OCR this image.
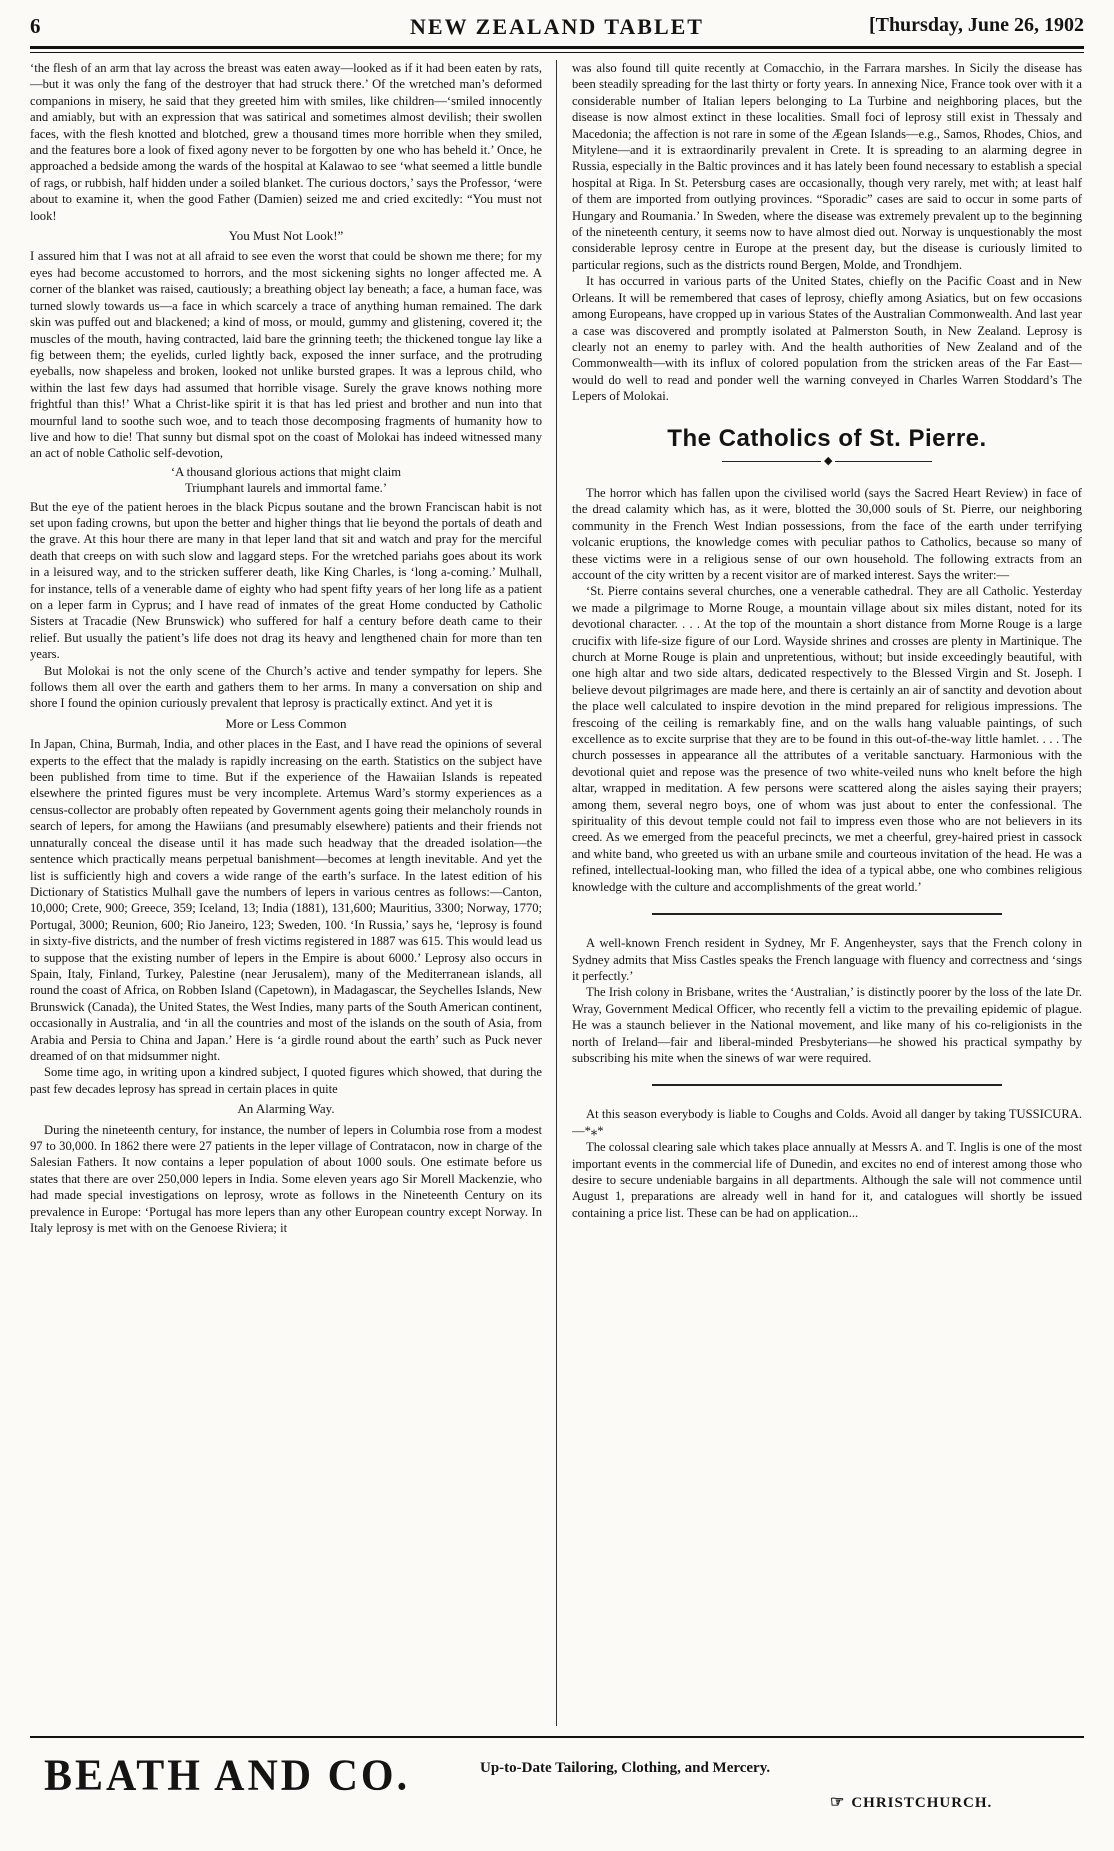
6	NEW ZEALAND TABLET	[Thursday, June 26, 1902

‘the flesh of an arm that lay across the breast was eaten away—looked as if it had been eaten by rats,—but it was only the fang of the destroyer that had struck there.’ Of the wretched man’s deformed companions in misery, he said that they greeted him with smiles, like children—‘smiled innocently and amiably, but with an expression that was satirical and sometimes almost devilish; their swollen faces, with the flesh knotted and blotched, grew a thousand times more horrible when they smiled, and the features bore a look of fixed agony never to be forgotten by one who has beheld it.’ Once, he approached a bedside among the wards of the hospital at Kalawao to see ‘what seemed a little bundle of rags, or rubbish, half hidden under a soiled blanket. The curious doctors,’ says the Professor, ‘were about to examine it, when the good Father (Damien) seized me and cried excitedly: “You must not look!

You Must Not Look!”

I assured him that I was not at all afraid to see even the worst that could be shown me there; for my eyes had become accustomed to horrors, and the most sickening sights no longer affected me. A corner of the blanket was raised, cautiously; a breathing object lay beneath; a face, a human face, was turned slowly towards us—a face in which scarcely a trace of anything human remained. The dark skin was puffed out and blackened; a kind of moss, or mould, gummy and glistening, covered it; the muscles of the mouth, having contracted, laid bare the grinning teeth; the thickened tongue lay like a fig between them; the eyelids, curled lightly back, exposed the inner surface, and the protruding eyeballs, now shapeless and broken, looked not unlike bursted grapes. It was a leprous child, who within the last few days had assumed that horrible visage. Surely the grave knows nothing more frightful than this!’ What a Christ-like spirit it is that has led priest and brother and nun into that mournful land to soothe such woe, and to teach those decomposing fragments of humanity how to live and how to die! That sunny but dismal spot on the coast of Molokai has indeed witnessed many an act of noble Catholic self-devotion,

‘A thousand glorious actions that might claim
Triumphant laurels and immortal fame.’

But the eye of the patient heroes in the black Picpus soutane and the brown Franciscan habit is not set upon fading crowns, but upon the better and higher things that lie beyond the portals of death and the grave. At this hour there are many in that leper land that sit and watch and pray for the merciful death that creeps on with such slow and laggard steps. For the wretched pariahs goes about its work in a leisured way, and to the stricken sufferer death, like King Charles, is ‘long a-coming.’ Mulhall, for instance, tells of a venerable dame of eighty who had spent fifty years of her long life as a patient on a leper farm in Cyprus; and I have read of inmates of the great Home conducted by Catholic Sisters at Tracadie (New Brunswick) who suffered for half a century before death came to their relief. But usually the patient’s life does not drag its heavy and lengthened chain for more than ten years.

But Molokai is not the only scene of the Church’s active and tender sympathy for lepers. She follows them all over the earth and gathers them to her arms. In many a conversation on ship and shore I found the opinion curiously prevalent that leprosy is practically extinct. And yet it is

More or Less Common

In Japan, China, Burmah, India, and other places in the East, and I have read the opinions of several experts to the effect that the malady is rapidly increasing on the earth. Statistics on the subject have been published from time to time. But if the experience of the Hawaiian Islands is repeated elsewhere the printed figures must be very incomplete. Artemus Ward’s stormy experiences as a census-collector are probably often repeated by Government agents going their melancholy rounds in search of lepers, for among the Hawiians (and presumably elsewhere) patients and their friends not unnaturally conceal the disease until it has made such headway that the dreaded isolation—the sentence which practically means perpetual banishment—becomes at length inevitable. And yet the list is sufficiently high and covers a wide range of the earth’s surface. In the latest edition of his Dictionary of Statistics Mulhall gave the numbers of lepers in various centres as follows:—Canton, 10,000; Crete, 900; Greece, 359; Iceland, 13; India (1881), 131,600; Mauritius, 3300; Norway, 1770; Portugal, 3000; Reunion, 600; Rio Janeiro, 123; Sweden, 100. ‘In Russia,’ says he, ‘leprosy is found in sixty-five districts, and the number of fresh victims registered in 1887 was 615. This would lead us to suppose that the existing number of lepers in the Empire is about 6000.’ Leprosy also occurs in Spain, Italy, Finland, Turkey, Palestine (near Jerusalem), many of the Mediterranean islands, all round the coast of Africa, on Robben Island (Capetown), in Madagascar, the Seychelles Islands, New Brunswick (Canada), the United States, the West Indies, many parts of the South American continent, occasionally in Australia, and ‘in all the countries and most of the islands on the south of Asia, from Arabia and Persia to China and Japan.’ Here is ‘a girdle round about the earth’ such as Puck never dreamed of on that midsummer night.

Some time ago, in writing upon a kindred subject, I quoted figures which showed, that during the past few decades leprosy has spread in certain places in quite

An Alarming Way.

During the nineteenth century, for instance, the number of lepers in Columbia rose from a modest 97 to 30,000. In 1862 there were 27 patients in the leper village of Contratacon, now in charge of the Salesian Fathers. It now contains a leper population of about 1000 souls. One estimate before us states that there are over 250,000 lepers in India. Some eleven years ago Sir Morell Mackenzie, who had made special investigations on leprosy, wrote as follows in the Nineteenth Century on its prevalence in Europe: ‘Portugal has more lepers than any other European country except Norway. In Italy leprosy is met with on the Genoese Riviera; it

was also found till quite recently at Comacchio, in the Farrara marshes. In Sicily the disease has been steadily spreading for the last thirty or forty years. In annexing Nice, France took over with it a considerable number of Italian lepers belonging to La Turbine and neighboring places, but the disease is now almost extinct in these localities. Small foci of leprosy still exist in Thessaly and Macedonia; the affection is not rare in some of the Ægean Islands—e.g., Samos, Rhodes, Chios, and Mitylene—and it is extraordinarily prevalent in Crete. It is spreading to an alarming degree in Russia, especially in the Baltic provinces and it has lately been found necessary to establish a special hospital at Riga. In St. Petersburg cases are occasionally, though very rarely, met with; at least half of them are imported from outlying provinces. “Sporadic” cases are said to occur in some parts of Hungary and Roumania.’ In Sweden, where the disease was extremely prevalent up to the beginning of the nineteenth century, it seems now to have almost died out. Norway is unquestionably the most considerable leprosy centre in Europe at the present day, but the disease is curiously limited to particular regions, such as the districts round Bergen, Molde, and Trondhjem.

It has occurred in various parts of the United States, chiefly on the Pacific Coast and in New Orleans. It will be remembered that cases of leprosy, chiefly among Asiatics, but on few occasions among Europeans, have cropped up in various States of the Australian Commonwealth. And last year a case was discovered and promptly isolated at Palmerston South, in New Zealand. Leprosy is clearly not an enemy to parley with. And the health authorities of New Zealand and of the Commonwealth—with its influx of colored population from the stricken areas of the Far East—would do well to read and ponder well the warning conveyed in Charles Warren Stoddard’s The Lepers of Molokai.

The Catholics of St. Pierre.
◆

The horror which has fallen upon the civilised world (says the Sacred Heart Review) in face of the dread calamity which has, as it were, blotted the 30,000 souls of St. Pierre, our neighboring community in the French West Indian possessions, from the face of the earth under terrifying volcanic eruptions, the knowledge comes with peculiar pathos to Catholics, because so many of these victims were in a religious sense of our own household. The following extracts from an account of the city written by a recent visitor are of marked interest. Says the writer:—

‘St. Pierre contains several churches, one a venerable cathedral. They are all Catholic. Yesterday we made a pilgrimage to Morne Rouge, a mountain village about six miles distant, noted for its devotional character. . . . At the top of the mountain a short distance from Morne Rouge is a large crucifix with life-size figure of our Lord. Wayside shrines and crosses are plenty in Martinique. The church at Morne Rouge is plain and unpretentious, without; but inside exceedingly beautiful, with one high altar and two side altars, dedicated respectively to the Blessed Virgin and St. Joseph. I believe devout pilgrimages are made here, and there is certainly an air of sanctity and devotion about the place well calculated to inspire devotion in the mind prepared for religious impressions. The frescoing of the ceiling is remarkably fine, and on the walls hang valuable paintings, of such excellence as to excite surprise that they are to be found in this out-of-the-way little hamlet. . . . The church possesses in appearance all the attributes of a veritable sanctuary. Harmonious with the devotional quiet and repose was the presence of two white-veiled nuns who knelt before the high altar, wrapped in meditation. A few persons were scattered along the aisles saying their prayers; among them, several negro boys, one of whom was just about to enter the confessional. The spirituality of this devout temple could not fail to impress even those who are not believers in its creed. As we emerged from the peaceful precincts, we met a cheerful, grey-haired priest in cassock and white band, who greeted us with an urbane smile and courteous invitation of the head. He was a refined, intellectual-looking man, who filled the idea of a typical abbe, one who combines religious knowledge with the culture and accomplishments of the great world.’

A well-known French resident in Sydney, Mr F. Angenheyster, says that the French colony in Sydney admits that Miss Castles speaks the French language with fluency and correctness and ‘sings it perfectly.’

The Irish colony in Brisbane, writes the ‘Australian,’ is distinctly poorer by the loss of the late Dr. Wray, Government Medical Officer, who recently fell a victim to the prevailing epidemic of plague. He was a staunch believer in the National movement, and like many of his co-religionists in the north of Ireland—fair and liberal-minded Presbyterians—he showed his practical sympathy by subscribing his mite when the sinews of war were required.

At this season everybody is liable to Coughs and Colds. Avoid all danger by taking TUSSICURA.—*⁎*

The colossal clearing sale which takes place annually at Messrs A. and T. Inglis is one of the most important events in the commercial life of Dunedin, and excites no end of interest among those who desire to secure undeniable bargains in all departments. Although the sale will not commence until August 1, preparations are already well in hand for it, and catalogues will shortly be issued containing a price list. These can be had on application...

BEATH AND CO.	Up-to-Date Tailoring, Clothing, and Mercery.
☞ CHRISTCHURCH.
